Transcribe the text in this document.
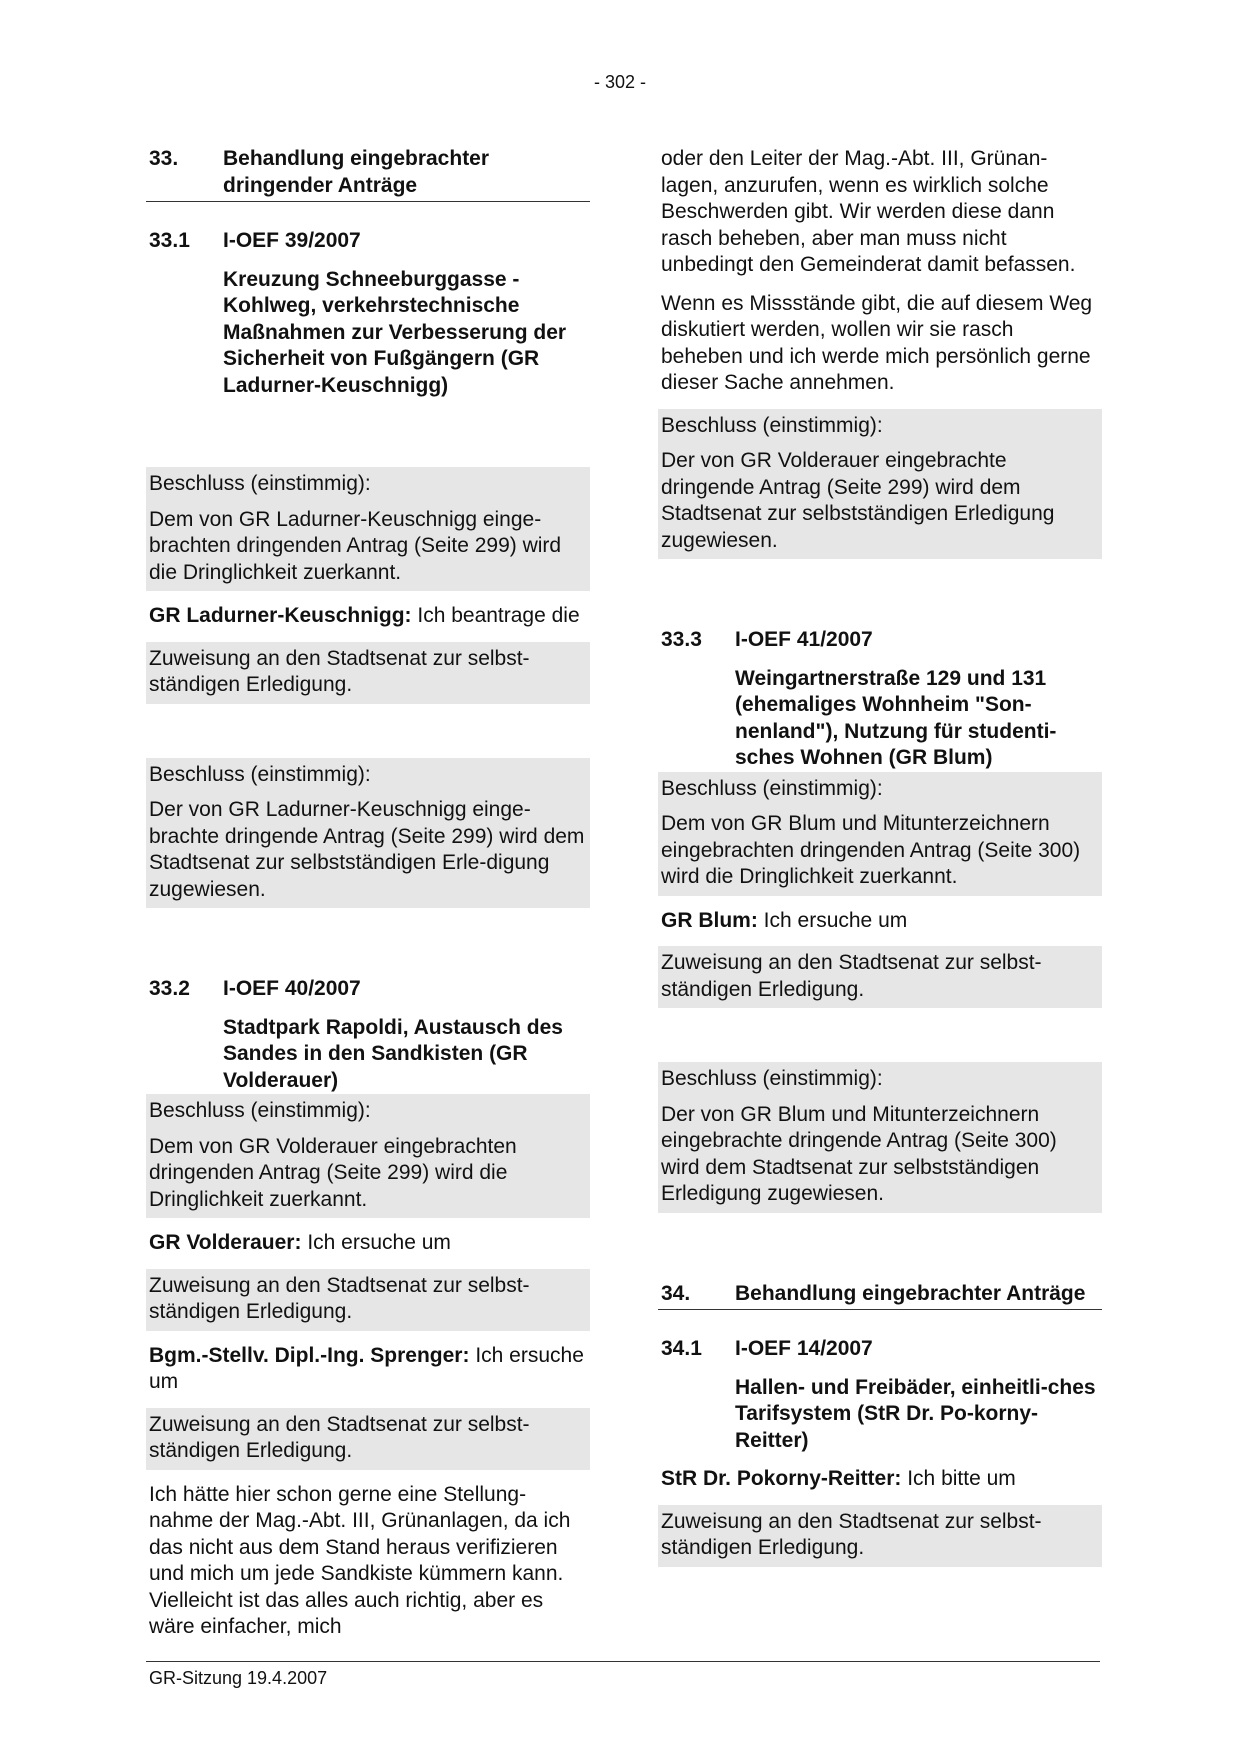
- 302 -
33.	Behandlung eingebrachter dringender Anträge
33.1	I-OEF 39/2007
Kreuzung Schneeburggasse - Kohlweg, verkehrstechnische Maßnahmen zur Verbesserung der Sicherheit von Fußgängern (GR Ladurner-Keuschnigg)
Beschluss (einstimmig):
Dem von GR Ladurner-Keuschnigg einge-brachten dringenden Antrag (Seite 299) wird die Dringlichkeit zuerkannt.

GR Ladurner-Keuschnigg: Ich beantrage die

Zuweisung an den Stadtsenat zur selbst-ständigen Erledigung.
Beschluss (einstimmig):
Der von GR Ladurner-Keuschnigg einge-brachte dringende Antrag (Seite 299) wird dem Stadtsenat zur selbstständigen Erle-digung zugewiesen.
33.2	I-OEF 40/2007
Stadtpark Rapoldi, Austausch des Sandes in den Sandkisten (GR Volderauer)
Beschluss (einstimmig):
Dem von GR Volderauer eingebrachten dringenden Antrag (Seite 299) wird die Dringlichkeit zuerkannt.

GR Volderauer: Ich ersuche um

Zuweisung an den Stadtsenat zur selbst-ständigen Erledigung.

Bgm.-Stellv. Dipl.-Ing. Sprenger: Ich ersuche um

Zuweisung an den Stadtsenat zur selbst-ständigen Erledigung.

Ich hätte hier schon gerne eine Stellung-nahme der Mag.-Abt. III, Grünanlagen, da ich das nicht aus dem Stand heraus verifizieren und mich um jede Sandkiste kümmern kann. Vielleicht ist das alles auch richtig, aber es wäre einfacher, mich

oder den Leiter der Mag.-Abt. III, Grünan-lagen, anzurufen, wenn es wirklich solche Beschwerden gibt. Wir werden diese dann rasch beheben, aber man muss nicht unbedingt den Gemeinderat damit befassen.

Wenn es Missstände gibt, die auf diesem Weg diskutiert werden, wollen wir sie rasch beheben und ich werde mich persönlich gerne dieser Sache annehmen.

Beschluss (einstimmig):
Der von GR Volderauer eingebrachte dringende Antrag (Seite 299) wird dem Stadtsenat zur selbstständigen Erledigung zugewiesen.
33.3	I-OEF 41/2007
Weingartnerstraße 129 und 131 (ehemaliges Wohnheim "Son-nenland"), Nutzung für studenti-sches Wohnen (GR Blum)
Beschluss (einstimmig):
Dem von GR Blum und Mitunterzeichnern eingebrachten dringenden Antrag (Seite 300) wird die Dringlichkeit zuerkannt.

GR Blum: Ich ersuche um

Zuweisung an den Stadtsenat zur selbst-ständigen Erledigung.
Beschluss (einstimmig):
Der von GR Blum und Mitunterzeichnern eingebrachte dringende Antrag (Seite 300) wird dem Stadtsenat zur selbstständigen Erledigung zugewiesen.
34.	Behandlung eingebrachter Anträge
34.1	I-OEF 14/2007
Hallen- und Freibäder, einheitli-ches Tarifsystem (StR Dr. Po-korny-Reitter)

StR Dr. Pokorny-Reitter: Ich bitte um

Zuweisung an den Stadtsenat zur selbst-ständigen Erledigung.
GR-Sitzung 19.4.2007
